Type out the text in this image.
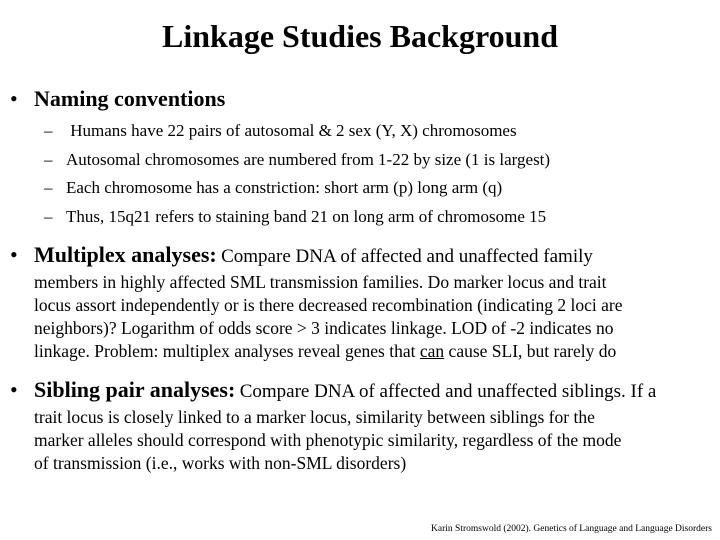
Linkage Studies Background
• Naming conventions
– Humans have 22 pairs of autosomal & 2 sex (Y, X) chromosomes
– Autosomal chromosomes are numbered from 1-22 by size (1 is largest)
– Each chromosome has a constriction: short arm (p) long arm (q)
– Thus, 15q21 refers to staining band 21 on long arm of chromosome 15
• Multiplex analyses: Compare DNA of affected and unaffected family
members in highly affected SML transmission families. Do marker locus and trait
locus assort independently or is there decreased recombination (indicating 2 loci are
neighbors)? Logarithm of odds score > 3 indicates linkage. LOD of -2 indicates no
linkage. Problem: multiplex analyses reveal genes that can cause SLI, but rarely do
• Sibling pair analyses: Compare DNA of affected and unaffected siblings. If a
trait locus is closely linked to a marker locus, similarity between siblings for the
marker alleles should correspond with phenotypic similarity, regardless of the mode
of transmission (i.e., works with non-SML disorders)
Karin Stromswold (2002). Genetics of Language and Language Disorders
